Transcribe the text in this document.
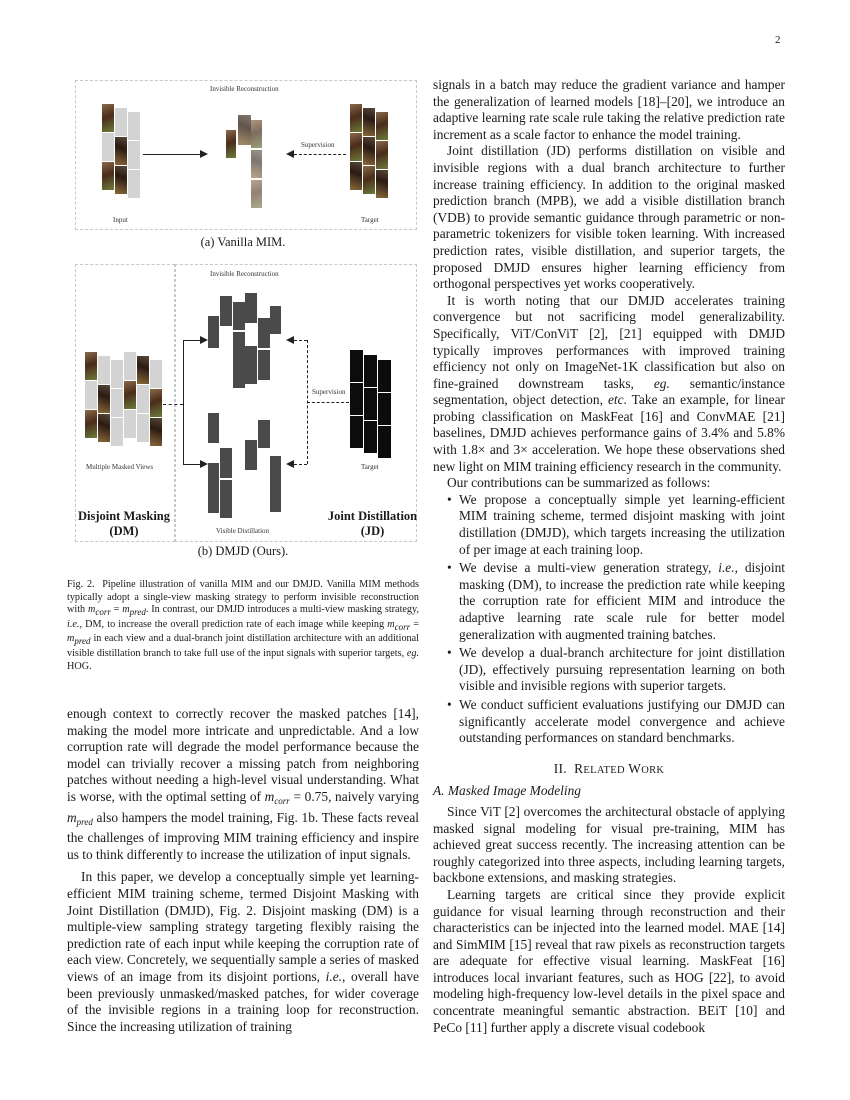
2
Invisible Reconstruction
Input
Supervision
Target
(a) Vanilla MIM.
Invisible Reconstruction
Multiple Masked Views
Visible Distillation
Supervision
Target
Disjoint Masking
(DM)
Joint Distillation
(JD)
(b) DMJD (Ours).
Fig. 2. Pipeline illustration of vanilla MIM and our DMJD. Vanilla MIM methods typically adopt a single-view masking strategy to perform invisible reconstruction with $m_{corr} = m_{pred}$. In contrast, our DMJD introduces a multi-view masking strategy, i.e., DM, to increase the overall prediction rate of each image while keeping $m_{corr} = m_{pred}$ in each view and a dual-branch joint distillation architecture with an additional visible distillation branch to take full use of the input signals with superior targets, eg. HOG.

enough context to correctly recover the masked patches [14], making the model more intricate and unpredictable. And a low corruption rate will degrade the model performance because the model can trivially recover a missing patch from neighboring patches without needing a high-level visual understanding. What is worse, with the optimal setting of $m_{corr} = 0.75$, naively varying $m_{pred}$ also hampers the model training, Fig. 1b. These facts reveal the challenges of improving MIM training efficiency and inspire us to think differently to increase the utilization of input signals.

In this paper, we develop a conceptually simple yet learning-efficient MIM training scheme, termed Disjoint Masking with Joint Distillation (DMJD), Fig. 2. Disjoint masking (DM) is a multiple-view sampling strategy targeting flexibly raising the prediction rate of each input while keeping the corruption rate of each view. Concretely, we sequentially sample a series of masked views of an image from its disjoint portions, i.e., overall have been previously unmasked/masked patches, for wider coverage of the invisible regions in a training loop for reconstruction. Since the increasing utilization of training

signals in a batch may reduce the gradient variance and hamper the generalization of learned models [18]–[20], we introduce an adaptive learning rate scale rule taking the relative prediction rate increment as a scale factor to enhance the model training.

Joint distillation (JD) performs distillation on visible and invisible regions with a dual branch architecture to further increase training efficiency. In addition to the original masked prediction branch (MPB), we add a visible distillation branch (VDB) to provide semantic guidance through parametric or non-parametric tokenizers for visible token learning. With increased prediction rates, visible distillation, and superior targets, the proposed DMJD ensures higher learning efficiency from orthogonal perspectives yet works cooperatively.

It is worth noting that our DMJD accelerates training convergence but not sacrificing model generalizability. Specifically, ViT/ConViT [2], [21] equipped with DMJD typically improves performances with improved training efficiency not only on ImageNet-1K classification but also on fine-grained downstream tasks, eg. semantic/instance segmentation, object detection, etc. Take an example, for linear probing classification on MaskFeat [16] and ConvMAE [21] baselines, DMJD achieves performance gains of 3.4% and 5.8% with 1.8× and 3× acceleration. We hope these observations shed new light on MIM training efficiency research in the community.

Our contributions can be summarized as follows:

• We propose a conceptually simple yet learning-efficient MIM training scheme, termed disjoint masking with joint distillation (DMJD), which targets increasing the utilization of per image at each training loop.
• We devise a multi-view generation strategy, i.e., disjoint masking (DM), to increase the prediction rate while keeping the corruption rate for efficient MIM and introduce the adaptive learning rate scale rule for better model generalization with augmented training batches.
• We develop a dual-branch architecture for joint distillation (JD), effectively pursuing representation learning on both visible and invisible regions with superior targets.
• We conduct sufficient evaluations justifying our DMJD can significantly accelerate model convergence and achieve outstanding performances on standard benchmarks.
II. RELATED WORK
A. Masked Image Modeling

Since ViT [2] overcomes the architectural obstacle of applying masked signal modeling for visual pre-training, MIM has achieved great success recently. The increasing attention can be roughly categorized into three aspects, including learning targets, backbone extensions, and masking strategies.

Learning targets are critical since they provide explicit guidance for visual learning through reconstruction and their characteristics can be injected into the learned model. MAE [14] and SimMIM [15] reveal that raw pixels as reconstruction targets are adequate for effective visual learning. MaskFeat [16] introduces local invariant features, such as HOG [22], to avoid modeling high-frequency low-level details in the pixel space and concentrate meaningful semantic abstraction. BEiT [10] and PeCo [11] further apply a discrete visual codebook
